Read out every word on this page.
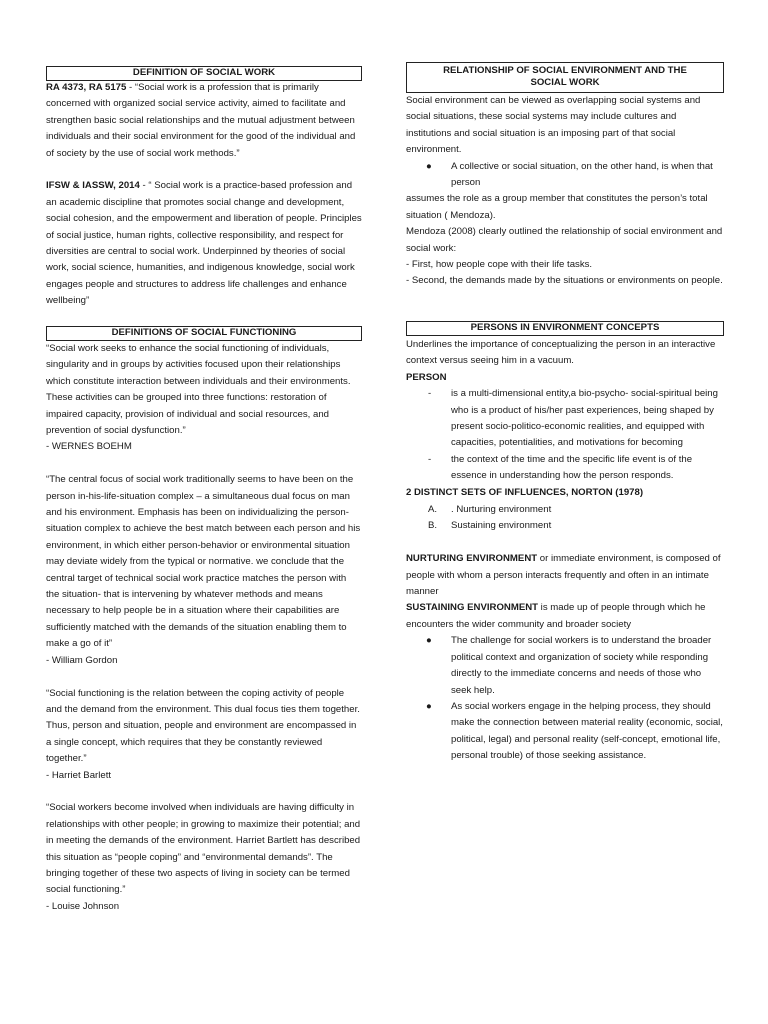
DEFINITION OF SOCIAL WORK

RA 4373, RA 5175 - “Social work is a profession that is primarily concerned with organized social service activity, aimed to facilitate and strengthen basic social relationships and the mutual adjustment between individuals and their social environment for the good of the individual and of society by the use of social work methods.”

IFSW & IASSW, 2014 - “ Social work is a practice-based profession and an academic discipline that promotes social change and development, social cohesion, and the empowerment and liberation of people. Principles of social justice, human rights, collective responsibility, and respect for diversities are central to social work. Underpinned by theories of social work, social science, humanities, and indigenous knowledge, social work engages people and structures to address life challenges and enhance wellbeing”

DEFINITIONS OF SOCIAL FUNCTIONING

“Social work seeks to enhance the social functioning of individuals, singularity and in groups by activities focused upon their relationships which constitute interaction between individuals and their environments. These activities can be grouped into three functions: restoration of impaired capacity, provision of individual and social resources, and prevention of social dysfunction.”

- WERNES BOEHM

“The central focus of social work traditionally seems to have been on the person in-his-life-situation complex – a simultaneous dual focus on man and his environment. Emphasis has been on individualizing the person-situation complex to achieve the best match between each person and his environment, in which either person-behavior or environmental situation may deviate widely from the typical or normative. we conclude that the central target of technical social work practice matches the person with the situation- that is intervening by whatever methods and means necessary to help people be in a situation where their capabilities are sufficiently matched with the demands of the situation enabling them to make a go of it”

- William Gordon

“Social functioning is the relation between the coping activity of people and the demand from the environment. This dual focus ties them together. Thus, person and situation, people and environment are encompassed in a single concept, which requires that they be constantly reviewed together.”

- Harriet Barlett

“Social workers become involved when individuals are having difficulty in relationships with other people; in growing to maximize their potential; and in meeting the demands of the environment. Harriet Bartlett has described this situation as “people coping” and “environmental demands”. The bringing together of these two aspects of living in society can be termed social functioning.”

- Louise Johnson

RELATIONSHIP OF SOCIAL ENVIRONMENT AND THE SOCIAL WORK

Social environment can be viewed as overlapping social systems and social situations, these social systems may include cultures and institutions and social situation is an imposing part of that social environment.

● A collective or social situation, on the other hand, is when that person

assumes the role as a group member that constitutes the person’s total situation ( Mendoza).

Mendoza (2008) clearly outlined the relationship of social environment and social work:

- First, how people cope with their life tasks.

- Second, the demands made by the situations or environments on people.

PERSONS IN ENVIRONMENT CONCEPTS

Underlines the importance of conceptualizing the person in an interactive context versus seeing him in a vacuum.

PERSON

- is a multi-dimensional entity,a bio-psycho- social-spiritual being who is a product of his/her past experiences, being shaped by present socio-politico-economic realities, and equipped with capacities, potentialities, and motivations for becoming
- the context of the time and the specific life event is of the essence in understanding how the person responds.

2 DISTINCT SETS OF INFLUENCES, NORTON (1978)

A. . Nurturing environment
B. Sustaining environment

NURTURING ENVIRONMENT or immediate environment, is composed of people with whom a person interacts frequently and often in an intimate manner

SUSTAINING ENVIRONMENT is made up of people through which he encounters the wider community and broader society

● The challenge for social workers is to understand the broader political context and organization of society while responding directly to the immediate concerns and needs of those who seek help.
● As social workers engage in the helping process, they should make the connection between material reality (economic, social, political, legal) and personal reality (self-concept, emotional life, personal trouble) of those seeking assistance.
